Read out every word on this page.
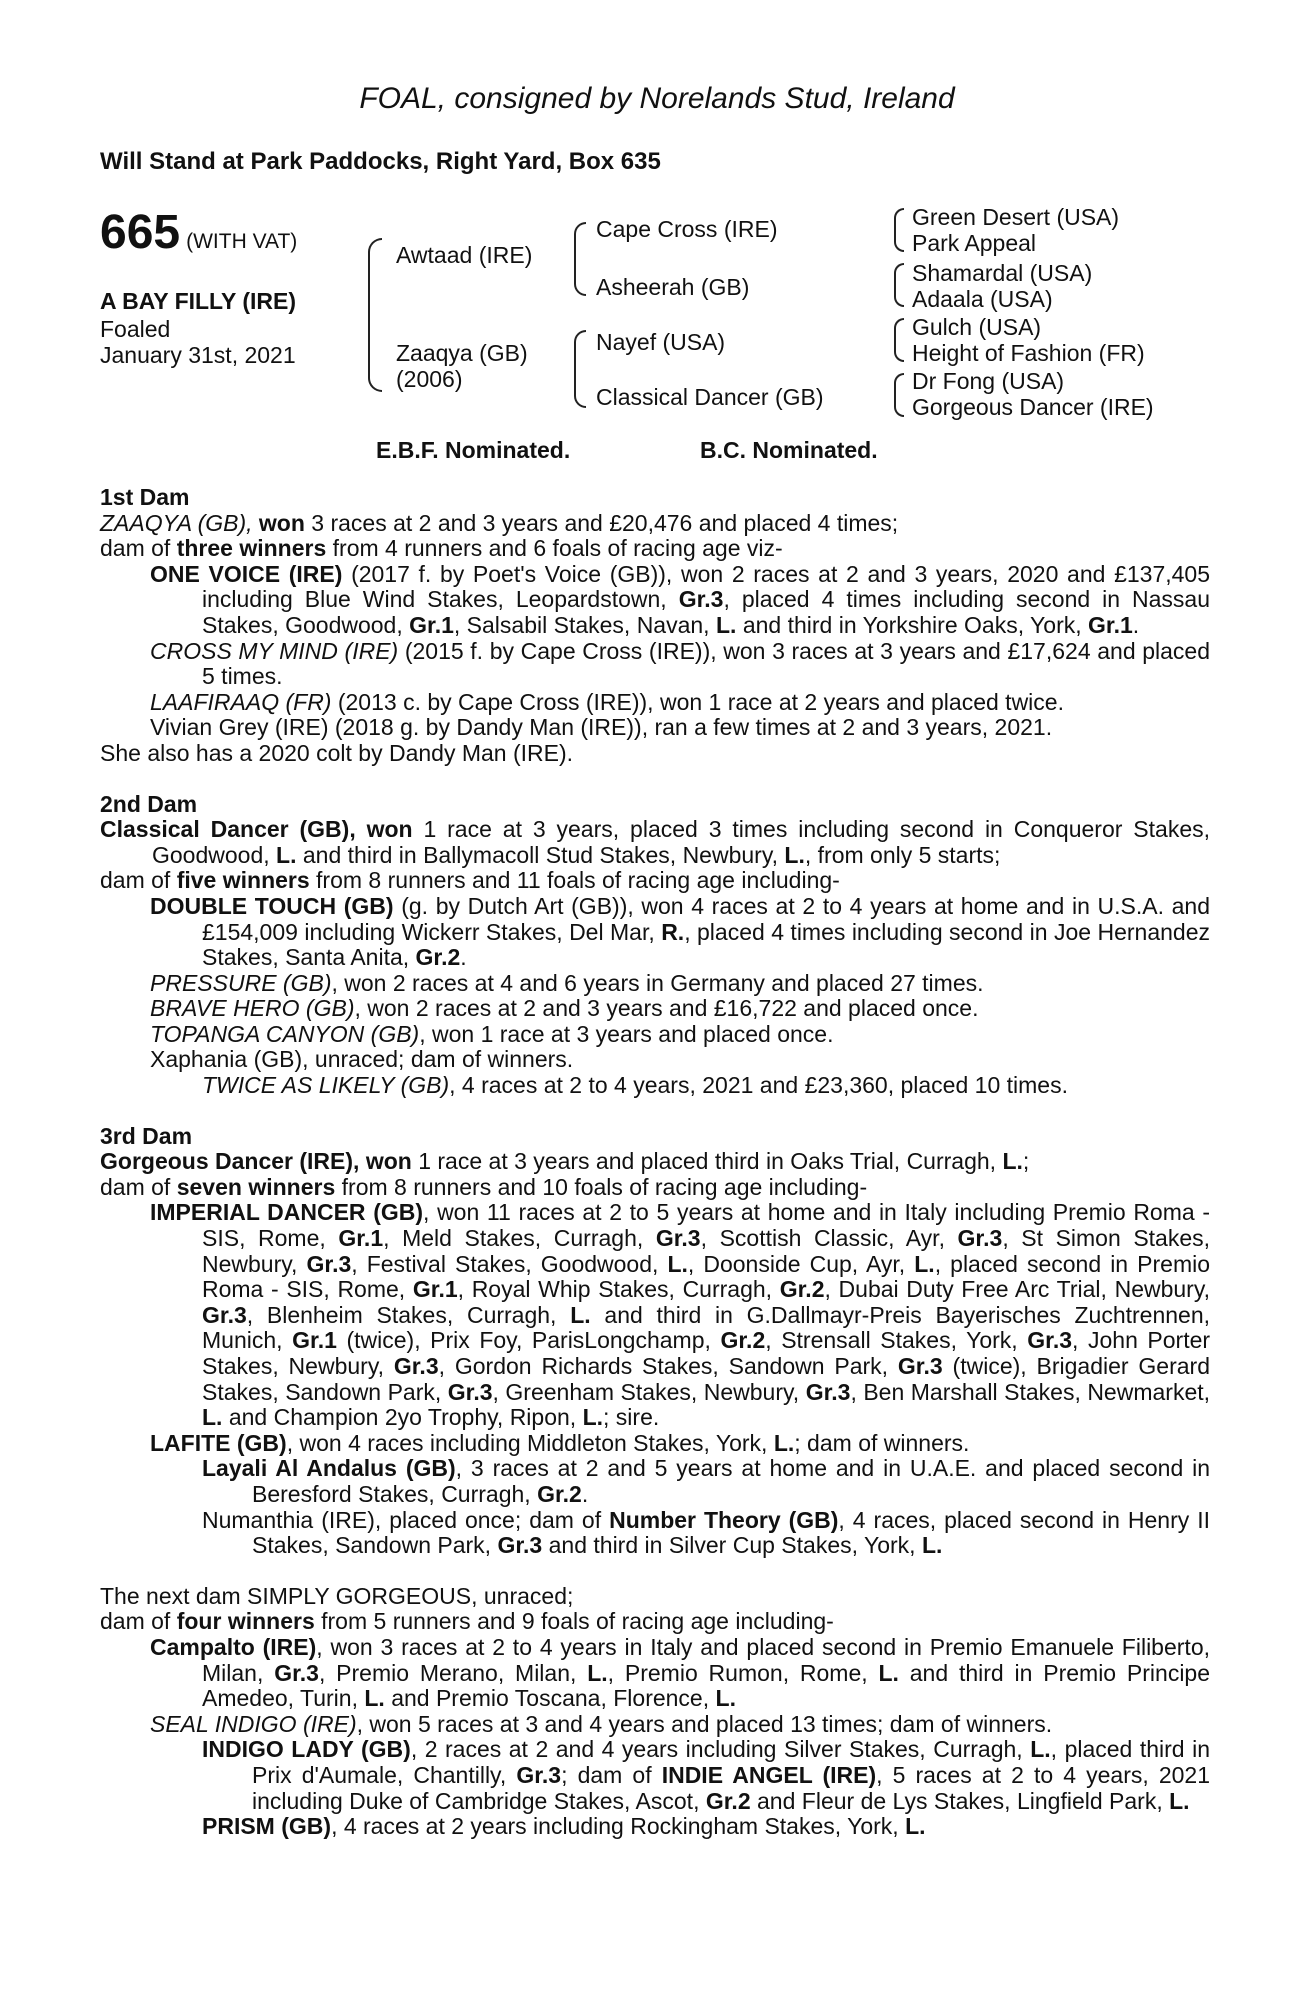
FOAL, consigned by Norelands Stud, Ireland
Will Stand at Park Paddocks, Right Yard, Box 635
665 (WITH VAT)
A BAY FILLY (IRE)
Foaled
January 31st, 2021
Awtaad (IRE)
Zaaqya (GB)
(2006)
Cape Cross (IRE)
Asheerah (GB)
Nayef (USA)
Classical Dancer (GB)
Green Desert (USA)
Park Appeal
Shamardal (USA)
Adaala (USA)
Gulch (USA)
Height of Fashion (FR)
Dr Fong (USA)
Gorgeous Dancer (IRE)
E.B.F. Nominated.	B.C. Nominated.

1st Dam

ZAAQYA (GB), won 3 races at 2 and 3 years and £20,476 and placed 4 times;

dam of three winners from 4 runners and 6 foals of racing age viz-

ONE VOICE (IRE) (2017 f. by Poet's Voice (GB)), won 2 races at 2 and 3 years, 2020 and £137,405 including Blue Wind Stakes, Leopardstown, Gr.3, placed 4 times including second in Nassau Stakes, Goodwood, Gr.1, Salsabil Stakes, Navan, L. and third in Yorkshire Oaks, York, Gr.1.

CROSS MY MIND (IRE) (2015 f. by Cape Cross (IRE)), won 3 races at 3 years and £17,624 and placed 5 times.

LAAFIRAAQ (FR) (2013 c. by Cape Cross (IRE)), won 1 race at 2 years and placed twice.

Vivian Grey (IRE) (2018 g. by Dandy Man (IRE)), ran a few times at 2 and 3 years, 2021.

She also has a 2020 colt by Dandy Man (IRE).

2nd Dam

Classical Dancer (GB), won 1 race at 3 years, placed 3 times including second in Conqueror Stakes, Goodwood, L. and third in Ballymacoll Stud Stakes, Newbury, L., from only 5 starts;

dam of five winners from 8 runners and 11 foals of racing age including-

DOUBLE TOUCH (GB) (g. by Dutch Art (GB)), won 4 races at 2 to 4 years at home and in U.S.A. and £154,009 including Wickerr Stakes, Del Mar, R., placed 4 times including second in Joe Hernandez Stakes, Santa Anita, Gr.2.

PRESSURE (GB), won 2 races at 4 and 6 years in Germany and placed 27 times.

BRAVE HERO (GB), won 2 races at 2 and 3 years and £16,722 and placed once.

TOPANGA CANYON (GB), won 1 race at 3 years and placed once.

Xaphania (GB), unraced; dam of winners.

TWICE AS LIKELY (GB), 4 races at 2 to 4 years, 2021 and £23,360, placed 10 times.

3rd Dam

Gorgeous Dancer (IRE), won 1 race at 3 years and placed third in Oaks Trial, Curragh, L.;

dam of seven winners from 8 runners and 10 foals of racing age including-

IMPERIAL DANCER (GB), won 11 races at 2 to 5 years at home and in Italy including Premio Roma - SIS, Rome, Gr.1, Meld Stakes, Curragh, Gr.3, Scottish Classic, Ayr, Gr.3, St Simon Stakes, Newbury, Gr.3, Festival Stakes, Goodwood, L., Doonside Cup, Ayr, L., placed second in Premio Roma - SIS, Rome, Gr.1, Royal Whip Stakes, Curragh, Gr.2, Dubai Duty Free Arc Trial, Newbury, Gr.3, Blenheim Stakes, Curragh, L. and third in G.Dallmayr-Preis Bayerisches Zuchtrennen, Munich, Gr.1 (twice), Prix Foy, ParisLongchamp, Gr.2, Strensall Stakes, York, Gr.3, John Porter Stakes, Newbury, Gr.3, Gordon Richards Stakes, Sandown Park, Gr.3 (twice), Brigadier Gerard Stakes, Sandown Park, Gr.3, Greenham Stakes, Newbury, Gr.3, Ben Marshall Stakes, Newmarket, L. and Champion 2yo Trophy, Ripon, L.; sire.

LAFITE (GB), won 4 races including Middleton Stakes, York, L.; dam of winners.

Layali Al Andalus (GB), 3 races at 2 and 5 years at home and in U.A.E. and placed second in Beresford Stakes, Curragh, Gr.2.

Numanthia (IRE), placed once; dam of Number Theory (GB), 4 races, placed second in Henry II Stakes, Sandown Park, Gr.3 and third in Silver Cup Stakes, York, L.

The next dam SIMPLY GORGEOUS, unraced;

dam of four winners from 5 runners and 9 foals of racing age including-

Campalto (IRE), won 3 races at 2 to 4 years in Italy and placed second in Premio Emanuele Filiberto, Milan, Gr.3, Premio Merano, Milan, L., Premio Rumon, Rome, L. and third in Premio Principe Amedeo, Turin, L. and Premio Toscana, Florence, L.

SEAL INDIGO (IRE), won 5 races at 3 and 4 years and placed 13 times; dam of winners.

INDIGO LADY (GB), 2 races at 2 and 4 years including Silver Stakes, Curragh, L., placed third in Prix d'Aumale, Chantilly, Gr.3; dam of INDIE ANGEL (IRE), 5 races at 2 to 4 years, 2021 including Duke of Cambridge Stakes, Ascot, Gr.2 and Fleur de Lys Stakes, Lingfield Park, L.

PRISM (GB), 4 races at 2 years including Rockingham Stakes, York, L.
